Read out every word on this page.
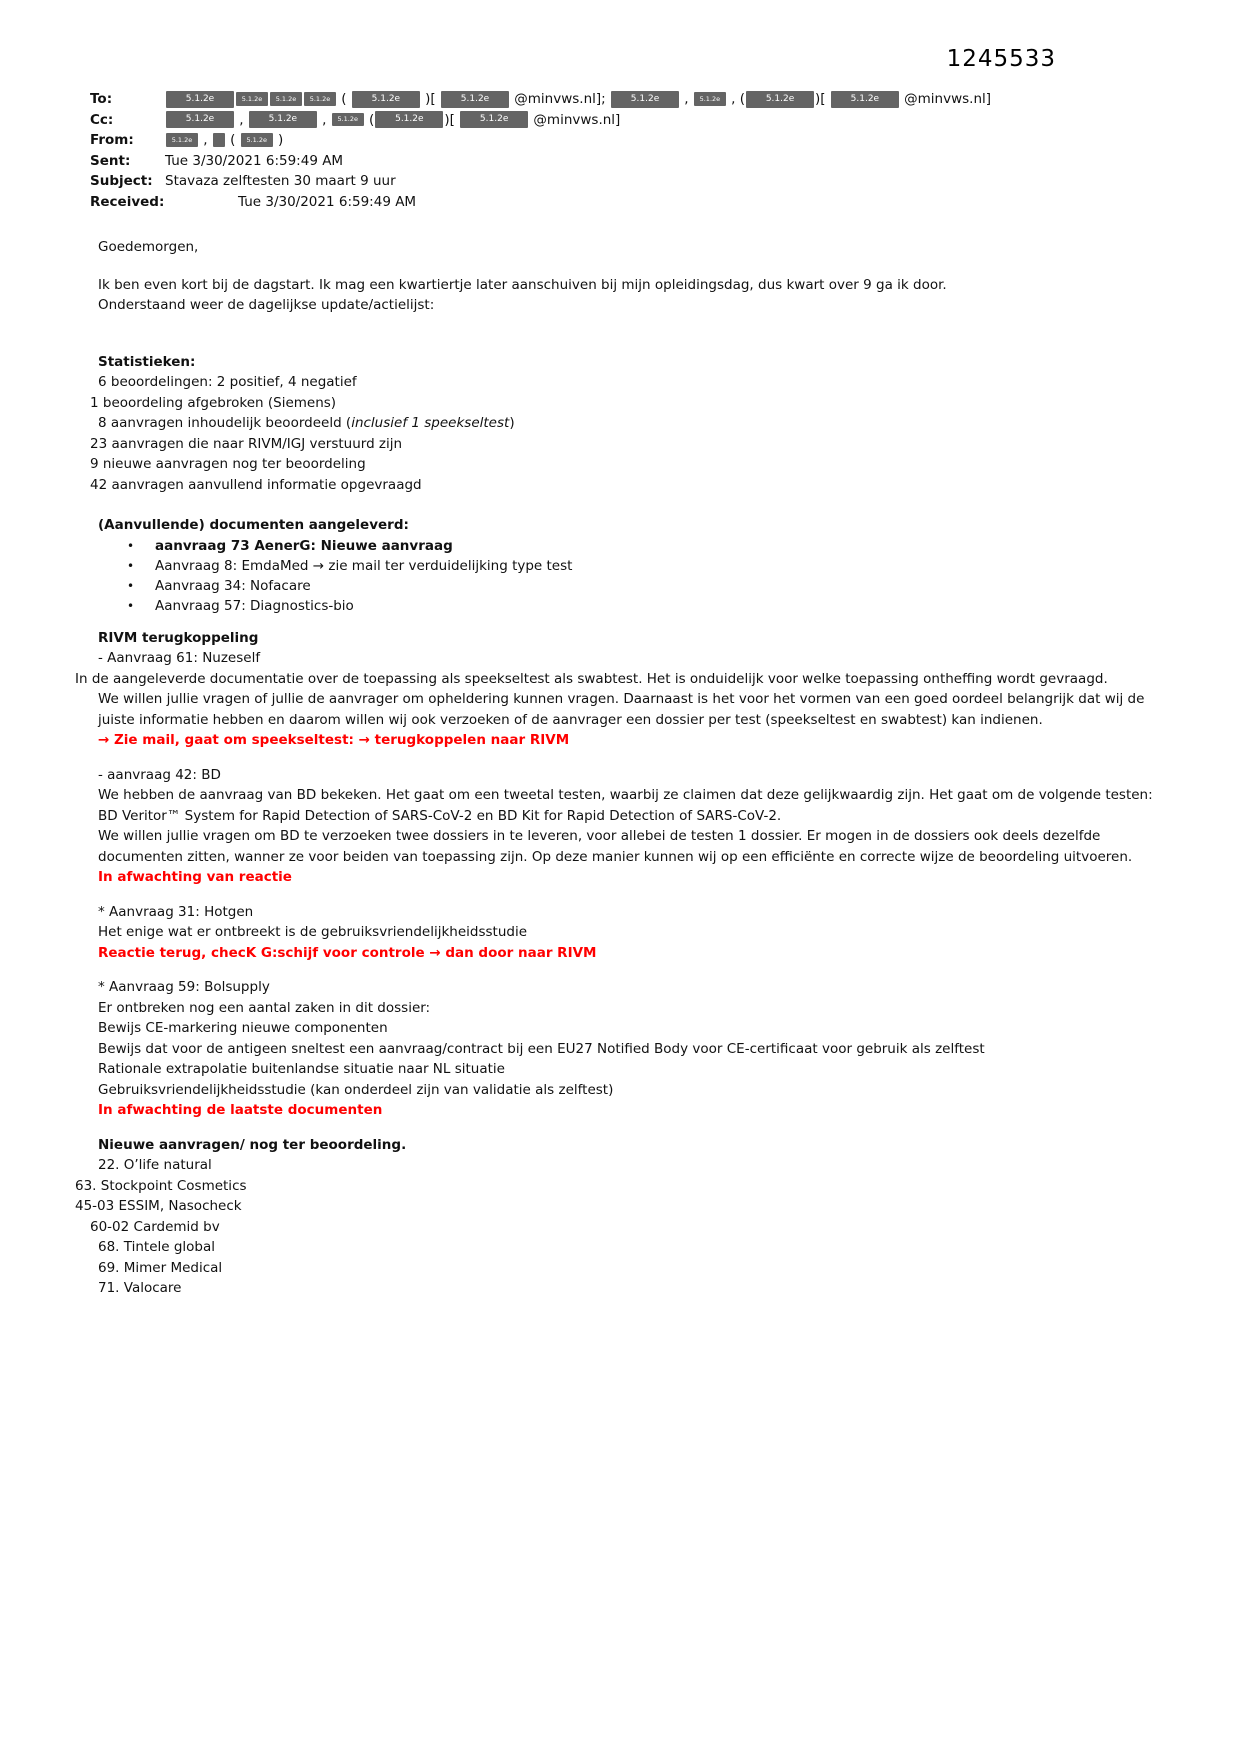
1245533
To:	5.1.2e	5.1.2e 5.1.2e 5.1.2e ( 5.1.2e )[ 5.1.2e @minvws.nl]; 5.1.2e , 5.1.2e , ( 5.1.2e )[ 5.1.2e @minvws.nl]
Cc:	5.1.2e , 5.1.2e , 5.1.2e ( 5.1.2e )[ 5.1.2e @minvws.nl]
From:	5.1.2e ,  ( 5.1.2e )
Sent:	Tue 3/30/2021 6:59:49 AM
Subject: Stavaza zelftesten 30 maart 9 uur
Received:	Tue 3/30/2021 6:59:49 AM
Goedemorgen,
Ik ben even kort bij de dagstart. Ik mag een kwartiertje later aanschuiven bij mijn opleidingsdag, dus kwart over 9 ga ik door.
Onderstaand weer de dagelijkse update/actielijst:
Statistieken:
6 beoordelingen: 2 positief, 4 negatief
1 beoordeling afgebroken (Siemens)
8 aanvragen inhoudelijk beoordeeld (inclusief 1 speekseltest)
23 aanvragen die naar RIVM/IGJ verstuurd zijn
9 nieuwe aanvragen nog ter beoordeling
42 aanvragen aanvullend informatie opgevraagd
(Aanvullende) documenten aangeleverd:
•	aanvraag 73 AenerG: Nieuwe aanvraag
•	Aanvraag 8: EmdaMed → zie mail ter verduidelijking type test
•	Aanvraag 34: Nofacare
•	Aanvraag 57: Diagnostics-bio
RIVM terugkoppeling
- Aanvraag 61: Nuzeself
In de aangeleverde documentatie over de toepassing als speekseltest als swabtest. Het is onduidelijk voor welke toepassing ontheffing wordt gevraagd.
We willen jullie vragen of jullie de aanvrager om opheldering kunnen vragen. Daarnaast is het voor het vormen van een goed oordeel belangrijk dat wij de juiste informatie hebben en daarom willen wij ook verzoeken of de aanvrager een dossier per test (speekseltest en swabtest) kan indienen.
→ Zie mail, gaat om speekseltest: → terugkoppelen naar RIVM
- aanvraag 42: BD
We hebben de aanvraag van BD bekeken. Het gaat om een tweetal testen, waarbij ze claimen dat deze gelijkwaardig zijn. Het gaat om de volgende testen: BD Veritor™ System for Rapid Detection of SARS-CoV-2 en BD Kit for Rapid Detection of SARS-CoV-2.
We willen jullie vragen om BD te verzoeken twee dossiers in te leveren, voor allebei de testen 1 dossier. Er mogen in de dossiers ook deels dezelfde documenten zitten, wanner ze voor beiden van toepassing zijn. Op deze manier kunnen wij op een efficiënte en correcte wijze de beoordeling uitvoeren.
In afwachting van reactie
* Aanvraag 31: Hotgen
Het enige wat er ontbreekt is de gebruiksvriendelijkheidsstudie
Reactie terug, checK G:schijf voor controle → dan door naar RIVM
* Aanvraag 59: Bolsupply
Er ontbreken nog een aantal zaken in dit dossier:
Bewijs CE-markering nieuwe componenten
Bewijs dat voor de antigeen sneltest een aanvraag/contract bij een EU27 Notified Body voor CE-certificaat voor gebruik als zelftest
Rationale extrapolatie buitenlandse situatie naar NL situatie
Gebruiksvriendelijkheidsstudie (kan onderdeel zijn van validatie als zelftest)
In afwachting de laatste documenten
Nieuwe aanvragen/ nog ter beoordeling.
22. O’life natural
63. Stockpoint Cosmetics
45-03 ESSIM, Nasocheck
60-02 Cardemid bv
68. Tintele global
69. Mimer Medical
71. Valocare
